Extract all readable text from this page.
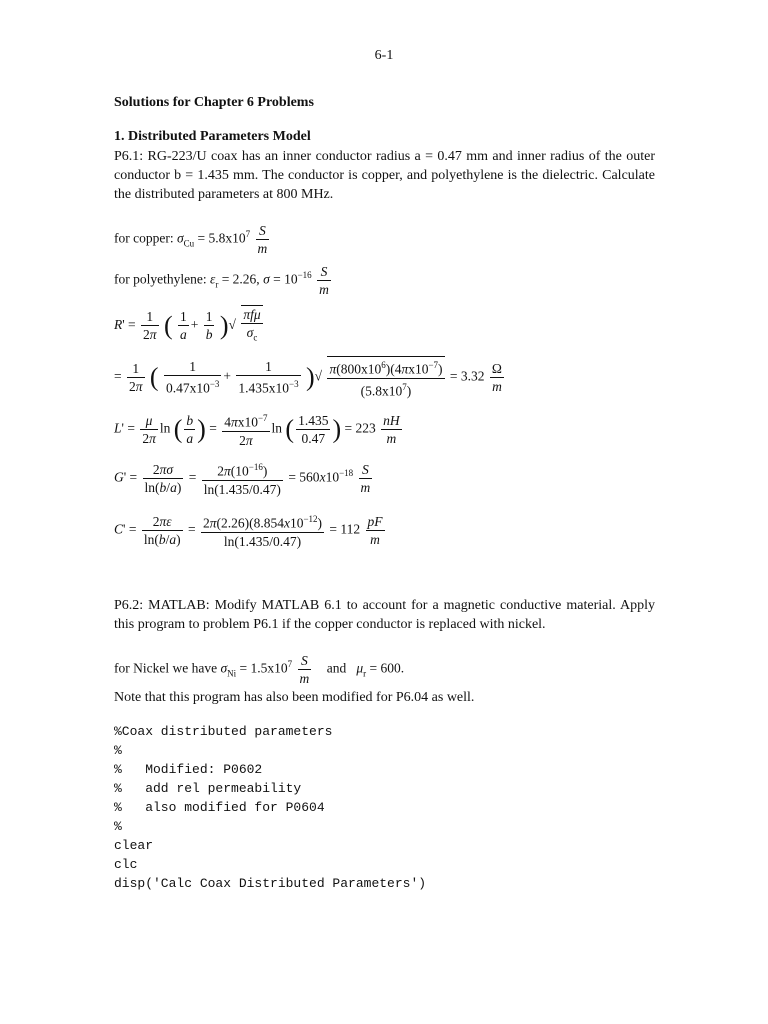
6-1
Solutions for Chapter 6 Problems
1. Distributed Parameters Model
P6.1: RG-223/U coax has an inner conductor radius a = 0.47 mm and inner radius of the outer conductor b = 1.435 mm. The conductor is copper, and polyethylene is the dielectric. Calculate the distributed parameters at 800 MHz.
for copper: $\sigma_{Cu} = 5.8x10^7 \frac{S}{m}$
for polyethylene: $\varepsilon_r = 2.26$, $\sigma = 10^{-16} \frac{S}{m}$
$R' = \frac{1}{2\pi}$ ( $\frac{1}{a} + \frac{1}{b}$ )√ $\frac{\text{πfμ}}{\sigma_c}$
= $\frac{1}{2\pi}$ ( $\frac{1}{0.47x10^{-3}} + \frac{1}{1.435x10^{-3}}$ )√ $\frac{\pi(800x10^6)(4\pi x10^{-7})}{(5.8x10^7)} = 3.32 \frac{\Omega}{m}$
$L' = \frac{\mu}{2\pi}$ ln ( $\frac{b}{a}$ ) = $\frac{4\pi x10^{-7}}{2\pi}$ ln ( $\frac{1.435}{0.47}$ ) = $223 \frac{nH}{m}$
$G' = \frac{2\pi\sigma}{\ln(b/a)} = \frac{2\pi(10^{-16})}{\ln(1.435/0.47)} = 560x10^{-18} \frac{S}{m}$
$C' = \frac{2\pi\varepsilon}{\ln(b/a)} = \frac{2\pi(2.26)(8.854x10^{-12})}{\ln(1.435/0.47)} = 112 \frac{pF}{m}$
P6.2: MATLAB: Modify MATLAB 6.1 to account for a magnetic conductive material. Apply this program to problem P6.1 if the copper conductor is replaced with nickel.
for Nickel we have $\sigma_{Ni} = 1.5x10^7 \frac{S}{m}$ and   $\mu_r = 600$.
Note that this program has also been modified for P6.04 as well.
%Coax distributed parameters
%
%   Modified: P0602
%   add rel permeability
%   also modified for P0604
%
clear
clc
disp('Calc Coax Distributed Parameters')
